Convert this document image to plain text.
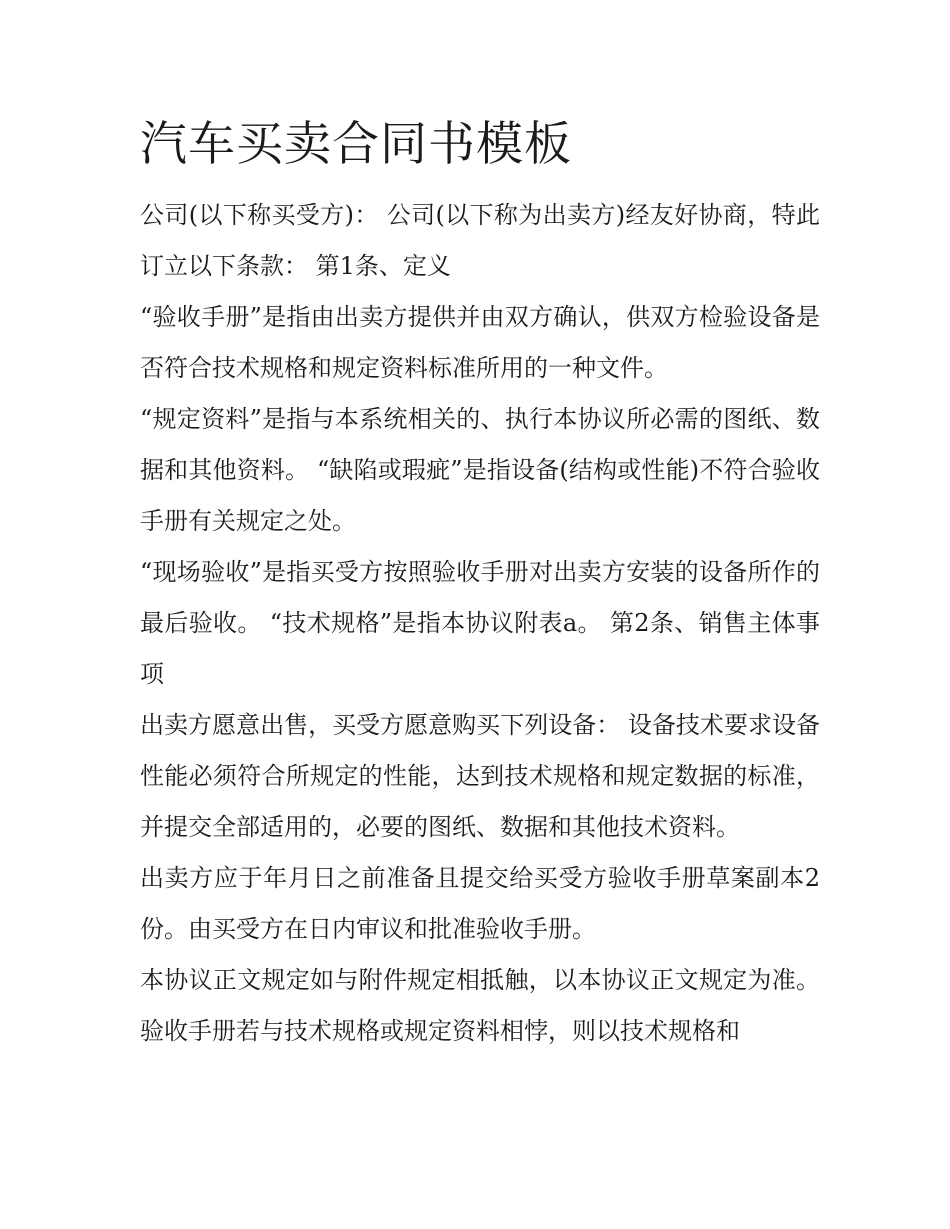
汽车买卖合同书模板

公司(以下称买受方)： 公司(以下称为出卖方)经友好协商，特此订立以下条款： 第1条、定义

“验收手册”是指由出卖方提供并由双方确认，供双方检验设备是否符合技术规格和规定资料标准所用的一种文件。

“规定资料”是指与本系统相关的、执行本协议所必需的图纸、数据和其他资料。 “缺陷或瑕疵”是指设备(结构或性能)不符合验收手册有关规定之处。

“现场验收”是指买受方按照验收手册对出卖方安装的设备所作的最后验收。 “技术规格”是指本协议附表a。 第2条、销售主体事项

出卖方愿意出售，买受方愿意购买下列设备： 设备技术要求设备性能必须符合所规定的性能，达到技术规格和规定数据的标准，并提交全部适用的，必要的图纸、数据和其他技术资料。

出卖方应于年月日之前准备且提交给买受方验收手册草案副本2份。由买受方在日内审议和批准验收手册。

本协议正文规定如与附件规定相抵触，以本协议正文规定为准。验收手册若与技术规格或规定资料相悖，则以技术规格和
